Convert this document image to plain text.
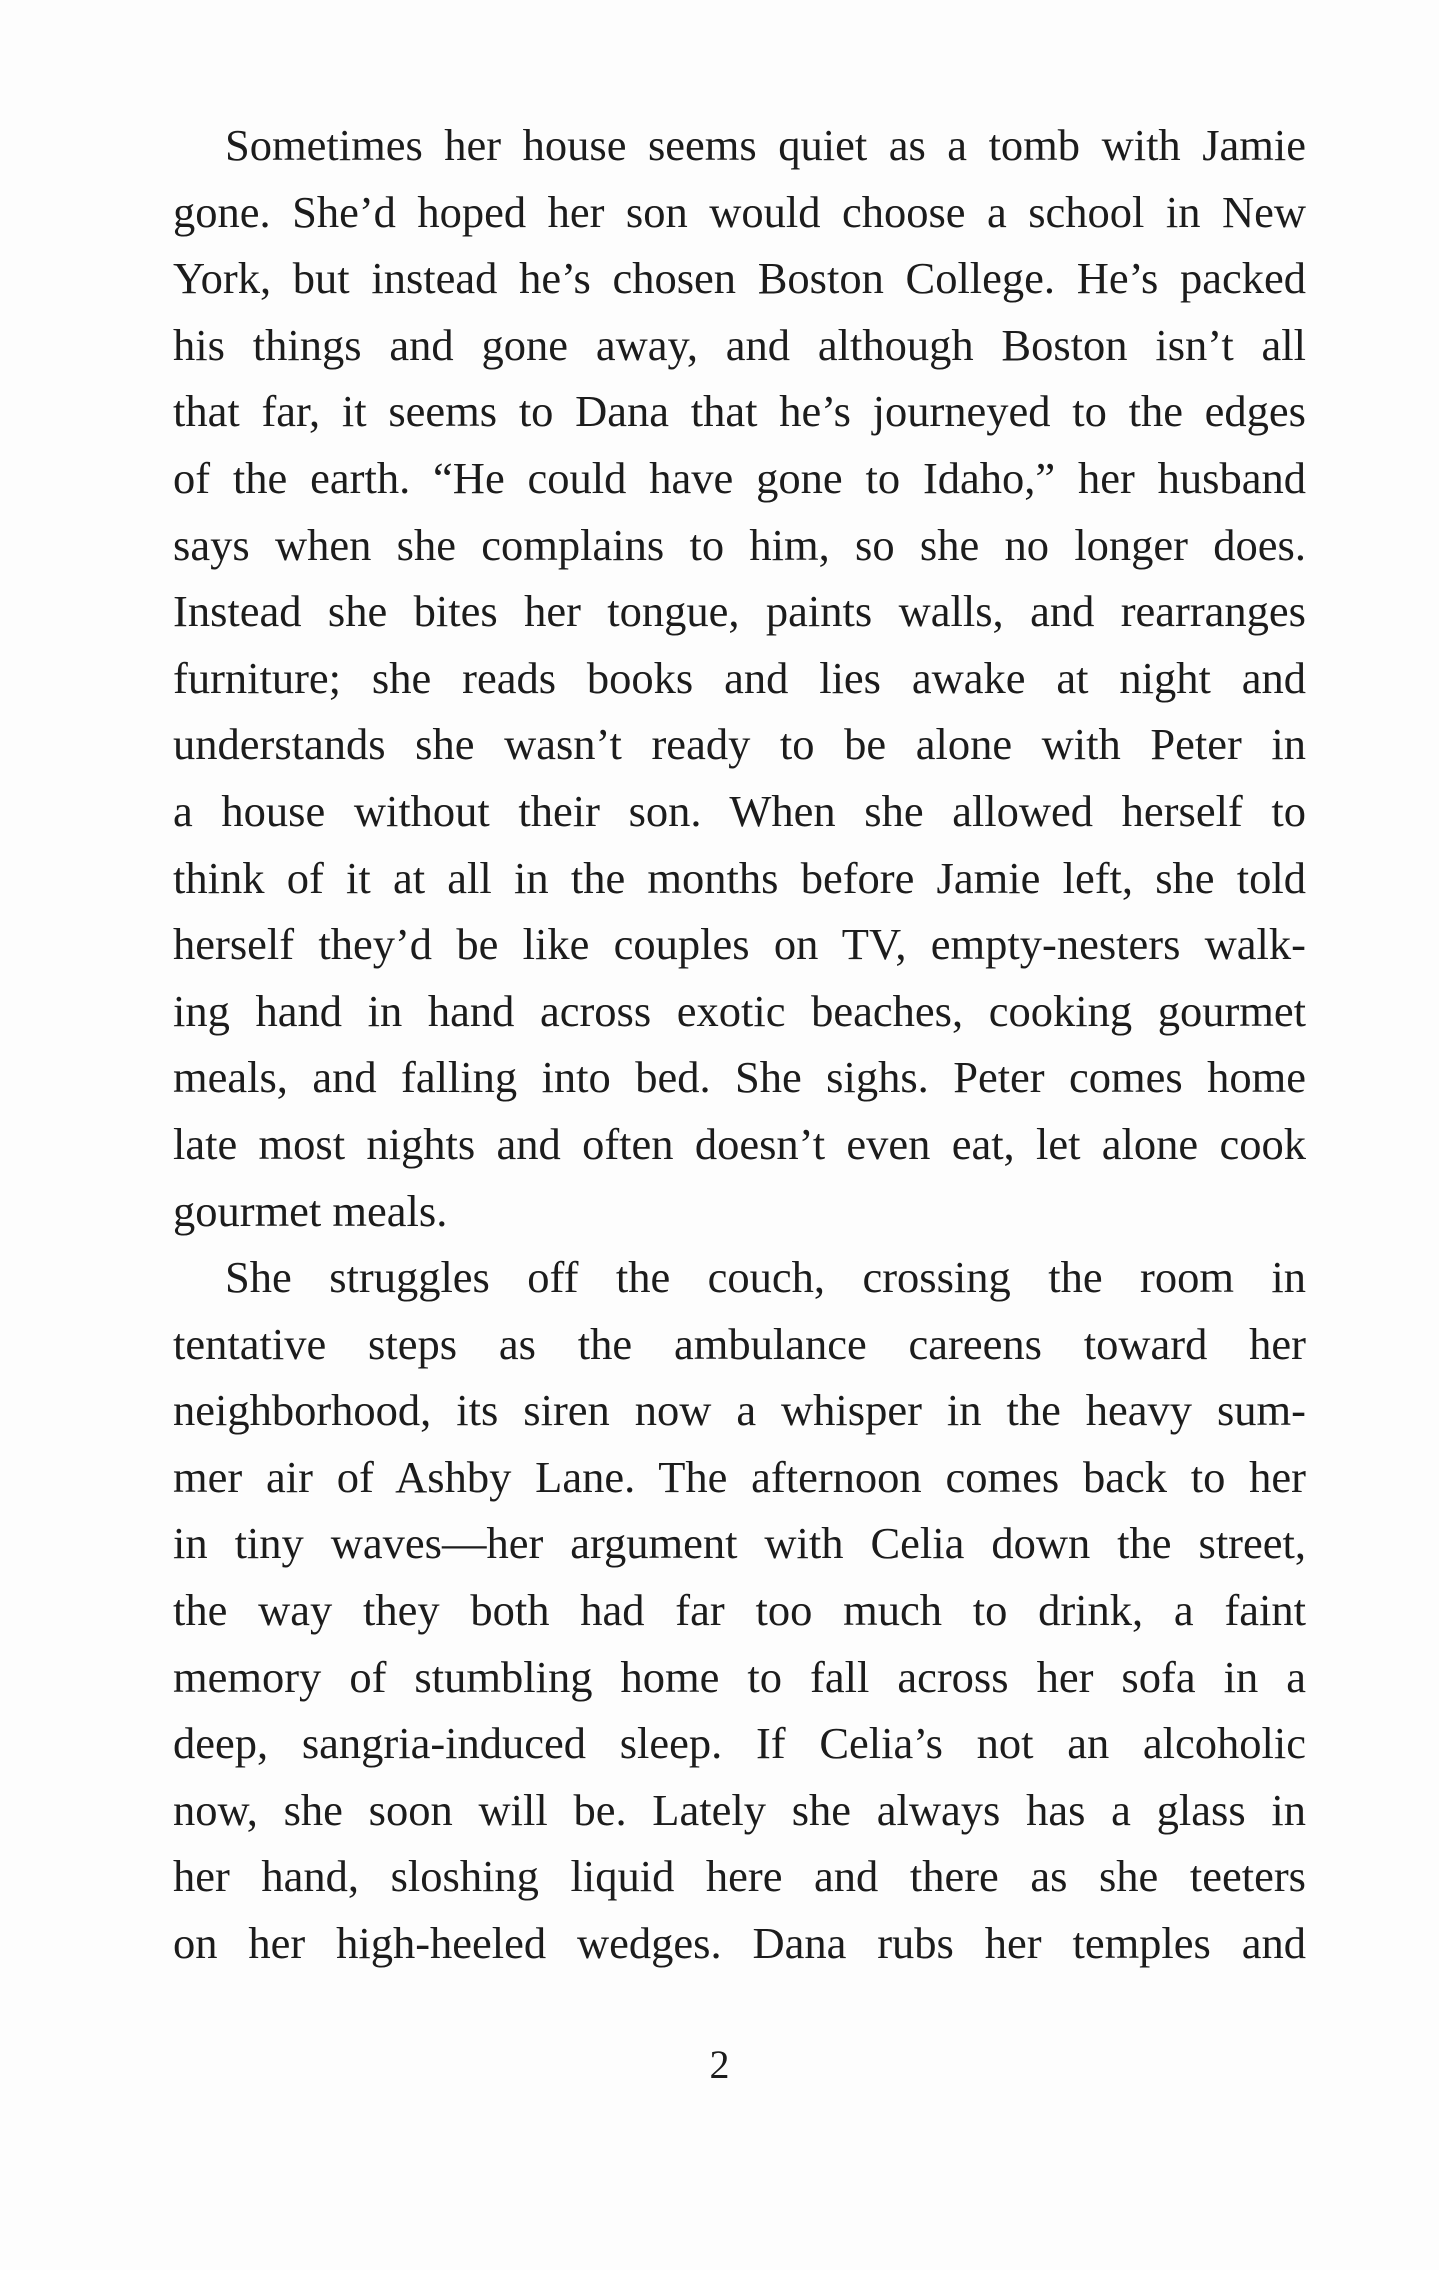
Sometimes her house seems quiet as a tomb with Jamie
gone. She’d hoped her son would choose a school in New
York, but instead he’s chosen Boston College. He’s packed
his things and gone away, and although Boston isn’t all
that far, it seems to Dana that he’s journeyed to the edges
of the earth. “He could have gone to Idaho,” her husband
says when she complains to him, so she no longer does.
Instead she bites her tongue, paints walls, and rearranges
furniture; she reads books and lies awake at night and
understands she wasn’t ready to be alone with Peter in
a house without their son. When she allowed herself to
think of it at all in the months before Jamie left, she told
herself they’d be like couples on TV, empty-nesters walk-
ing hand in hand across exotic beaches, cooking gourmet
meals, and falling into bed. She sighs. Peter comes home
late most nights and often doesn’t even eat, let alone cook
gourmet meals.
She struggles off the couch, crossing the room in
tentative steps as the ambulance careens toward her
neighborhood, its siren now a whisper in the heavy sum-
mer air of Ashby Lane. The afternoon comes back to her
in tiny waves—her argument with Celia down the street,
the way they both had far too much to drink, a faint
memory of stumbling home to fall across her sofa in a
deep, sangria-induced sleep. If Celia’s not an alcoholic
now, she soon will be. Lately she always has a glass in
her hand, sloshing liquid here and there as she teeters
on her high-heeled wedges. Dana rubs her temples and
2
